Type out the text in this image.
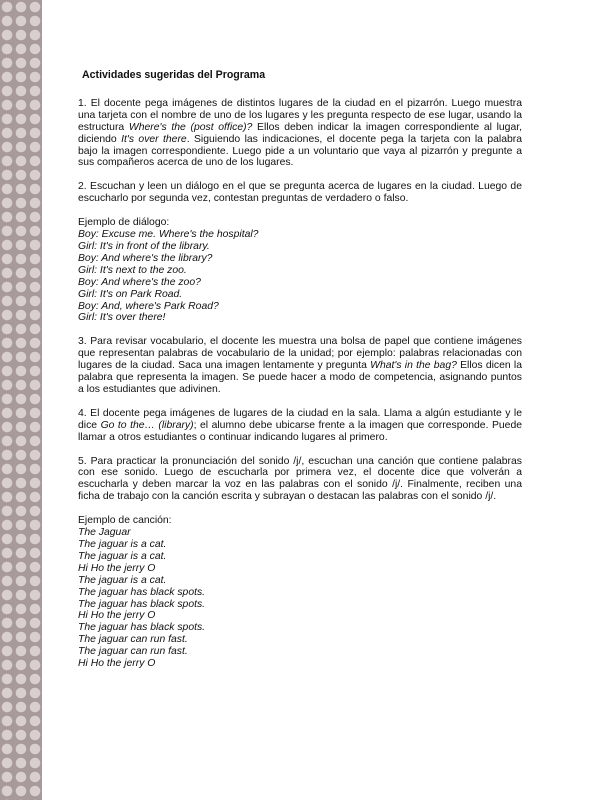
Actividades sugeridas del Programa
1. El docente pega imágenes de distintos lugares de la ciudad en el pizarrón. Luego muestra una tarjeta con el nombre de uno de los lugares y les pregunta respecto de ese lugar, usando la estructura Where's the (post office)? Ellos deben indicar la imagen correspondiente al lugar, diciendo It's over there. Siguiendo las indicaciones, el docente pega la tarjeta con la palabra bajo la imagen correspondiente. Luego pide a un voluntario que vaya al pizarrón y pregunte a sus compañeros acerca de uno de los lugares.
2. Escuchan y leen un diálogo en el que se pregunta acerca de lugares en la ciudad. Luego de escucharlo por segunda vez, contestan preguntas de verdadero o falso.
Ejemplo de diálogo:
Boy: Excuse me. Where's the hospital?
Girl: It's in front of the library.
Boy: And where's the library?
Girl: It's next to the zoo.
Boy: And where's the zoo?
Girl: It's on Park Road.
Boy: And, where's Park Road?
Girl: It's over there!
3. Para revisar vocabulario, el docente les muestra una bolsa de papel que contiene imágenes que representan palabras de vocabulario de la unidad; por ejemplo: palabras relacionadas con lugares de la ciudad. Saca una imagen lentamente y pregunta What's in the bag? Ellos dicen la palabra que representa la imagen. Se puede hacer a modo de competencia, asignando puntos a los estudiantes que adivinen.
4. El docente pega imágenes de lugares de la ciudad en la sala. Llama a algún estudiante y le dice Go to the… (library); el alumno debe ubicarse frente a la imagen que corresponde. Puede llamar a otros estudiantes o continuar indicando lugares al primero.
5. Para practicar la pronunciación del sonido /j/, escuchan una canción que contiene palabras con ese sonido. Luego de escucharla por primera vez, el docente dice que volverán a escucharla y deben marcar la voz en las palabras con el sonido /j/. Finalmente, reciben una ficha de trabajo con la canción escrita y subrayan o destacan las palabras con el sonido /j/.
Ejemplo de canción:
The Jaguar
The jaguar is a cat.
The jaguar is a cat.
Hi Ho the jerry O
The jaguar is a cat.
The jaguar has black spots.
The jaguar has black spots.
Hi Ho the jerry O
The jaguar has black spots.
The jaguar can run fast.
The jaguar can run fast.
Hi Ho the jerry O
